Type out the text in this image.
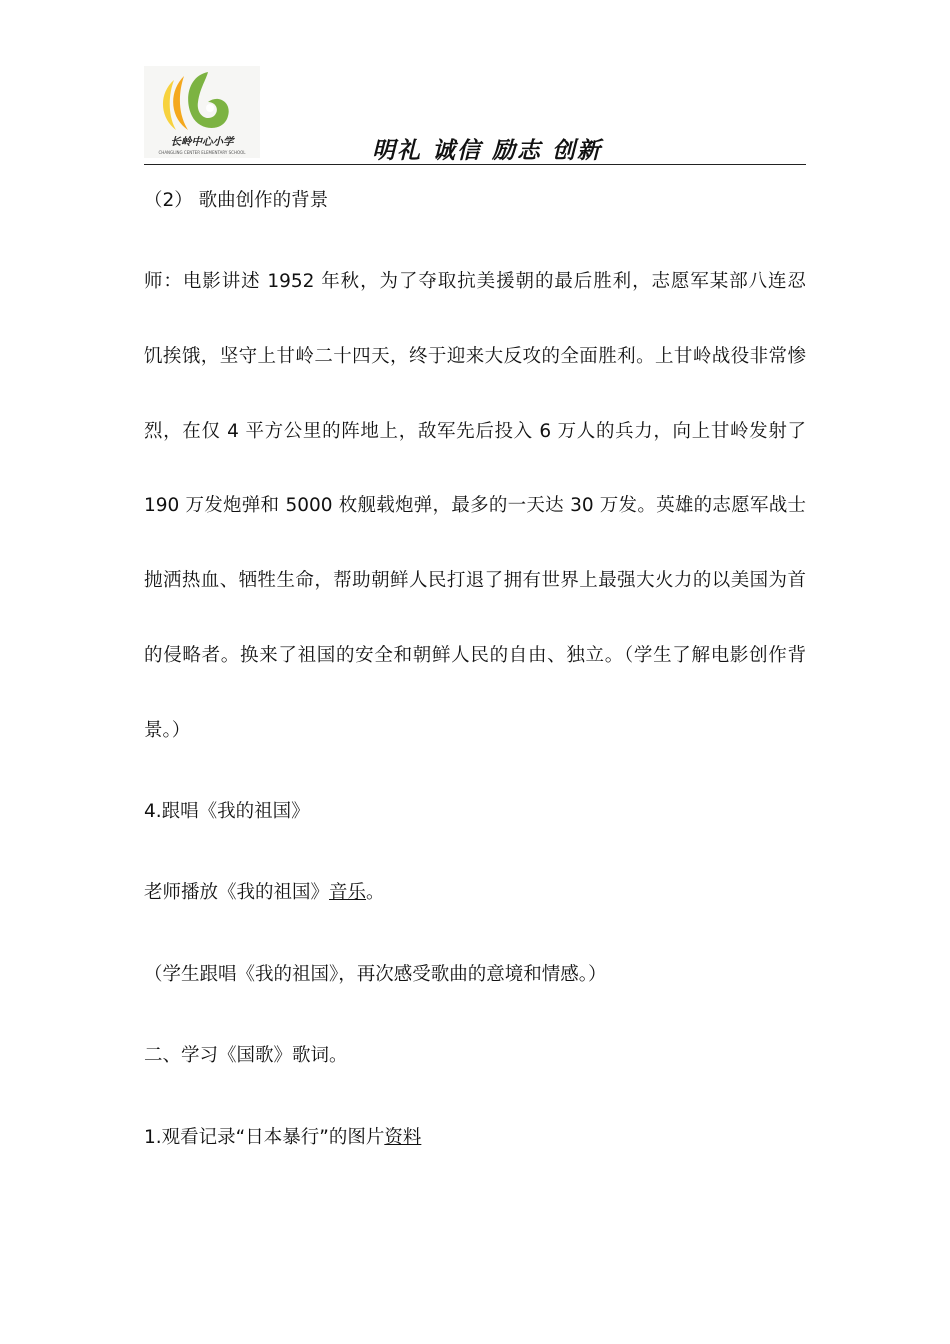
长岭中心小学
CHANGLING CENTER ELEMENTARY SCHOOL	明礼 诚信 励志 创新
（2） 歌曲创作的背景
师：电影讲述 1952 年秋，为了夺取抗美援朝的最后胜利，志愿军某部八连忍
饥挨饿，坚守上甘岭二十四天，终于迎来大反攻的全面胜利。上甘岭战役非常惨
烈，在仅 4 平方公里的阵地上，敌军先后投入 6 万人的兵力，向上甘岭发射了
190 万发炮弹和 5000 枚舰载炮弹，最多的一天达 30 万发。英雄的志愿军战士
抛洒热血、牺牲生命，帮助朝鲜人民打退了拥有世界上最强大火力的以美国为首
的侵略者。换来了祖国的安全和朝鲜人民的自由、独立。（学生了解电影创作背
景。）
4.跟唱《我的祖国》
老师播放《我的祖国》音乐。
（学生跟唱《我的祖国》，再次感受歌曲的意境和情感。）
二、学习《国歌》歌词。
1.观看记录“日本暴行”的图片资料
